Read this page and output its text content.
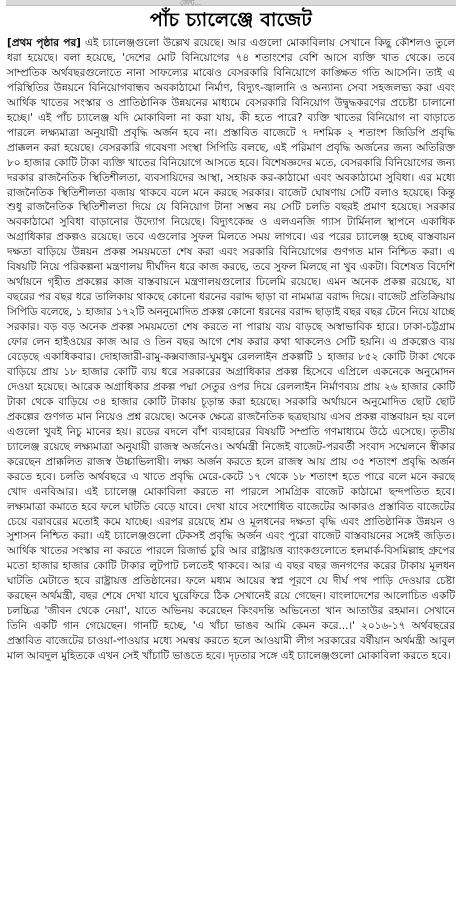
জেন্ট...
পাঁচ চ্যালেঞ্জে বাজেট
[প্রথম পৃষ্ঠার পর] এই চ্যালেঞ্জগুলো উল্লেখ রয়েছে। আর এগুলো মোকাবিলায় সেখানে কিছু কৌশলও তুলে ধরা হয়েছে। বলা হয়েছে, 'দেশের মোট বিনিয়োগের ৭৪ শতাংশের বেশি আসে ব্যক্তি খাত থেকে। তবে সাম্প্রতিক অর্থবছরগুলোতে নানা সাফল্যের মাঝেও বেসরকারি বিনিয়োগে কাঙ্ক্ষিত গতি আসেনি। তাই এ পরিস্থিতির উন্নয়নে বিনিয়োগবান্ধব অবকাঠামো নির্মাণ, বিদ্যুৎ-জ্বালানি ও অন্যান্য সেবা সহজলভ্য করা এবং আর্থিক খাতের সংস্কার ও প্রাতিষ্ঠানিক উন্নয়নের মাধ্যমে বেসরকারি বিনিয়োগ উদ্বুদ্ধকরণের প্রচেষ্টা চালানো হচ্ছে।' এই পাঁচ চ্যালেঞ্জ যদি মোকাবিলা না করা যায়, কী হতে পারে? ব্যক্তি খাতের বিনিয়োগ না বাড়াতে পারলে লক্ষ্যমাত্রা অনুযায়ী প্রবৃদ্ধি অর্জন হবে না। প্রস্তাবিত বাজেটে ৭ দশমিক ২ শতাংশ জিডিপি প্রবৃদ্ধি প্রাক্কলন করা হয়েছে। বেসরকারি গবেষণা সংস্থা সিপিডি বলছে, এই পরিমাণ প্রবৃদ্ধি অর্জনের জন্য অতিরিক্ত ৮০ হাজার কোটি টাকা ব্যক্তি খাতের বিনিয়োগে আসতে হবে। বিশেষজ্ঞদের মতে, বেসরকারি বিনিয়োগের জন্য দরকার রাজনৈতিক স্থিতিশীলতা, ব্যবসায়িদের আস্থা, সহায়ক কর-কাঠামো এবং অবকাঠামো সুবিধা। এর মধ্যে রাজনৈতিক স্থিতিশীলতা বজায় থাকবে বলে মনে করছে সরকার। বাজেট ঘোষণায় সেটি বলাও হয়েছে। কিন্তু শুধু রাজনৈতিক স্থিতিশীলতা দিয়ে যে বিনিয়োগ টানা সম্ভব নয় সেটি চলতি বছরই প্রমাণ হয়েছে। সরকার অবকাঠামো সুবিধা বাড়ানোর উদ্যোগ নিয়েছে। বিদ্যুৎকেন্দ্র ও এলএনজি গ্যাস টার্মিনাল স্থাপনে একাধিক অগ্রাধিকার প্রকল্পও রয়েছে। তবে এগুলোর সুফল মিলতে সময় লাগবে। এর পরের চ্যালেঞ্জ হচ্ছে বাস্তবায়ন দক্ষতা বাড়িয়ে উন্নয়ন প্রকল্প সময়মতো শেষ করা এবং সরকারি বিনিয়োগের গুণগত মান নিশ্চিত করা। এ বিষয়টি নিয়ে পরিকল্পনা মন্ত্রণালয় দীর্ঘদিন ধরে কাজ করছে, তবে সুফল মিলছে না খুব একটা। বিশেষত বিদেশি অর্থায়নে গৃহীত প্রকল্পের কাজ বাস্তবায়নে মন্ত্রণালয়গুলোর ঢিলেমি রয়েছে। এমন অনেক প্রকল্প রয়েছে, যা বছরের পর বছর ধরে তালিকায় থাকছে কোনো ধরনের বরাদ্দ ছাড়া বা নামমাত্র বরাদ্দ দিয়ে। বাজেট প্রতিক্রিয়ায় সিপিডি বলেছে, ১ হাজার ১৭২টি অননুমোদিত প্রকল্প কোনো ধরনের বরাদ্দ ছাড়াই বছর বছর টেনে নিয়ে যাচ্ছে সরকার। বড় বড় অনেক প্রকল্প সময়মতো শেষ করতে না পারায় ব্যয় বাড়ছে অস্বাভাবিক হারে। ঢাকা-চট্টগ্রাম ফোর লেন হাইওয়ের কাজ আর ও তিন বছর আগে শেষ করার কথা থাকলেও সেটি হয়নি। এ প্রকল্পেও ব্যয় বেড়েছে একাধিকবার। দোহাজারী-রামু-কক্সবাজার-ঘুমধুম রেললাইন প্রকল্পটি ১ হাজার ৮৫২ কোটি টাকা থেকে বাড়িয়ে প্রায় ১৮ হাজার কোটি ব্যয় ধরে সরকারের অগ্রাধিকার প্রকল্প হিসেবে এপ্রিলে একনেকে অনুমোদন দেওয়া হয়েছে। আরেক অগ্রাধিকার প্রকল্প পদ্মা সেতুর ওপর দিয়ে রেললাইন নির্মাণব্যয় প্রায় ২৬ হাজার কোটি টাকা থেকে বাড়িয়ে ৩৪ হাজার কোটি টাকায় চূড়ান্ত করা হয়েছে। সরকারি অর্থায়নে অনুমোদিত ছোট ছোট প্রকল্পের গুণগত মান নিয়েও প্রশ্ন রয়েছে। অনেক ক্ষেত্রে রাজনৈতিক ছত্রছায়ায় এসব প্রকল্প বাস্তবায়ন হয় বলে এগুলো খুবই নিচু মানের হয়। রডের বদলে বাঁশ ব্যবহারের বিষয়টি সম্প্রতি গণমাধ্যমে উঠে এসেছে। তৃতীয় চ্যালেঞ্জ রয়েছে লক্ষ্যমাত্রা অনুযায়ী রাজস্ব অর্জনেও। অর্থমন্ত্রী নিজেই বাজেট-পরবর্তী সংবাদ সম্মেলনে স্বীকার করেছেন প্রাক্কলিত রাজস্ব উচ্চাভিলাষী। লক্ষ্য অর্জন করতে হলে রাজস্ব আয় প্রায় ৩৫ শতাংশ প্রবৃদ্ধি অর্জন করতে হবে। চলতি অর্থবছরে এ খাতে প্রবৃদ্ধি মেরে-কেটে ১৭ থেকে ১৮ শতাংশ হতে পারে বলে মনে করছে খোদ এনবিআর। এই চ্যালেঞ্জ মোকাবিলা করতে না পারলে সামগ্রিক বাজেট কাঠামো ছন্দপতিত হবে। লক্ষ্যমাত্রা কমাতে হবে ফলে ঘাটতি বেড়ে যাবে। দেখা যাবে সংশোধিত বাজেটের আকারও প্রস্তাবিত বাজেটের চেয়ে বরাবরের মতোই কমে যাচ্ছে। এরপর রয়েছে শ্রম ও মূলধনের দক্ষতা বৃদ্ধি এবং প্রাতিষ্ঠানিক উন্নয়ন ও সুশাসন নিশ্চিত করা। এই চ্যালেঞ্জগুলো টেকসই প্রবৃদ্ধি অর্জন এবং পুরো বাজেট বাস্তবায়নের সঙ্গেই জড়িত। আর্থিক খাতের সংস্কার না করতে পারলে রিজার্ভ চুরি আর রাষ্ট্রায়ত্ত ব্যাংকগুলোতে হলমার্ক-বিসমিল্লাহ গ্রুপের মতো হাজার হাজার কোটি টাকার লুটপাট চলতেই থাকবে। আর এ বছর বছর জনগণের করের টাকায় মূলধন ঘাটতি মেটাতে হবে রাষ্ট্রায়ত্ত প্রতিষ্ঠানের। ফলে মধ্যম আয়ের স্বপ্ন পূরণে যে দীর্ঘ পথ পাড়ি দেওয়ার চেষ্টা করছেন অর্থমন্ত্রী, বছর শেষে দেখা যাবে ঘুরেফিরে ঠিক সেখানেই রয়ে গেছেন। বাংলাদেশের আলোচিত একটি চলচ্চিত্র 'জীবন থেকে নেয়া', যাতে অভিনয় করেছেন কিংবদন্তি অভিনেতা খান আতাউর রহমান। সেখানে তিনি একটি গান গেয়েছেন। গানটি হচ্ছে, 'এ খাঁচা ভাঙব আমি কেমন করে...।' ২০১৬-১৭ অর্থবছরের প্রস্তাবিত বাজেটের চাওয়া-পাওয়ার মধ্যে সমন্বয় করতে হলে আওয়ামী লীগ সরকারের বর্ষীয়ান অর্থমন্ত্রী আবুল মাল আবদুল মুহিতকে এখন সেই খাঁচাটি ভাঙতে হবে। দৃঢ়তার সঙ্গে এই চ্যালেঞ্জগুলো মোকাবিলা করতে হবে।
